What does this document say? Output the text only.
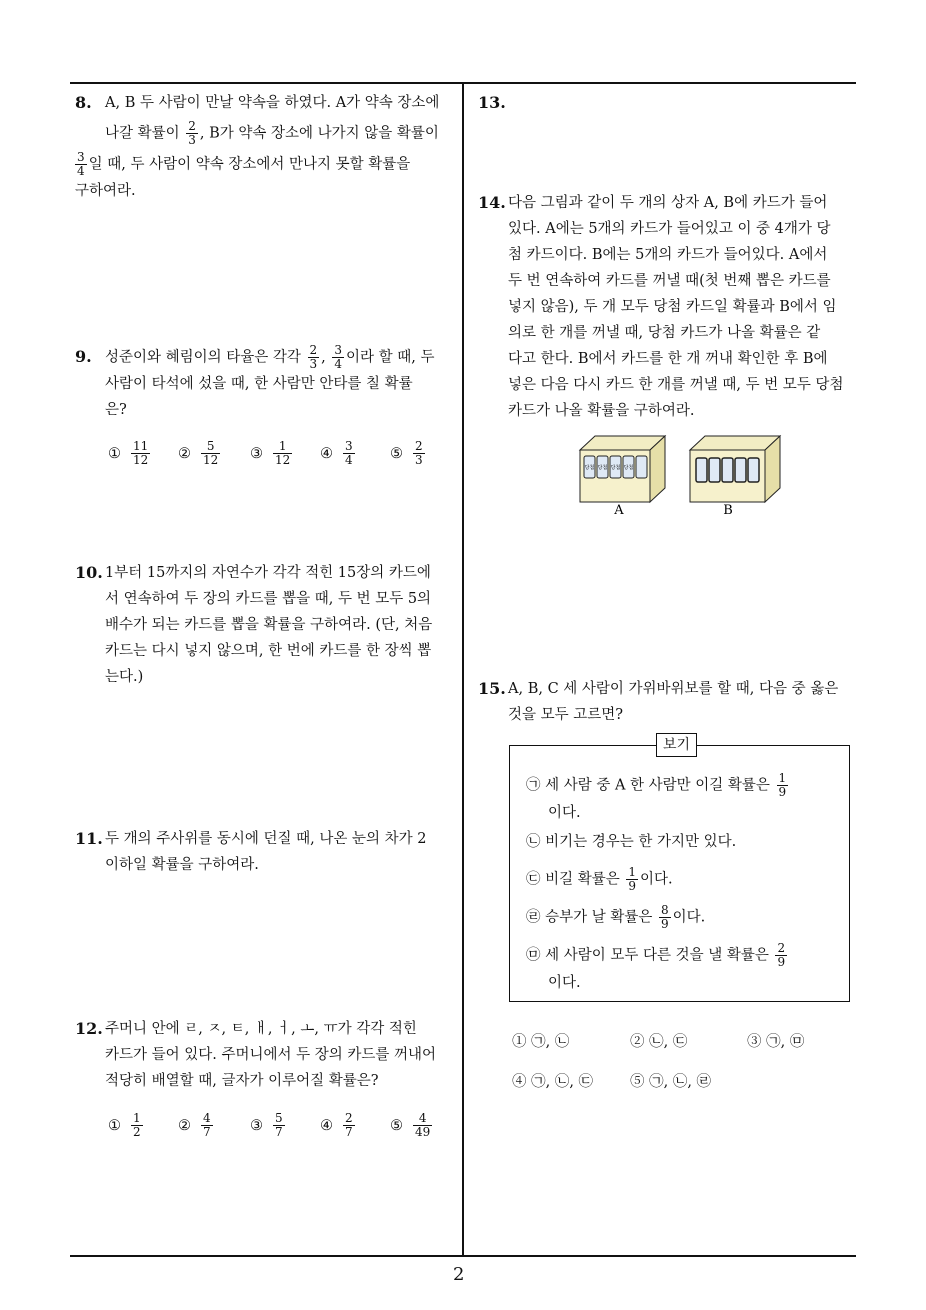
8. A, B 두 사람이 만날 약속을 하였다. A가 약속 장소에
나갈 확률이 $\frac{2}{3}$ , B가 약속 장소에 나가지 않을 확률이
$\frac{3}{4}$ 일 때, 두 사람이 약속 장소에서 만나지 못할 확률을
구하여라.
9. 성준이와 혜림이의 타율은 각각 $\frac{2}{3}$ , $\frac{3}{4}$ 이라 할 때, 두
사람이 타석에 섰을 때, 한 사람만 안타를 칠 확률
은?
① $\frac{11}{12}$ ② $\frac{5}{12}$ ③ $\frac{1}{12}$ ④ $\frac{3}{4}$ ⑤ $\frac{2}{3}$
10. 1부터 15까지의 자연수가 각각 적힌 15장의 카드에
서 연속하여 두 장의 카드를 뽑을 때, 두 번 모두 5의
배수가 되는 카드를 뽑을 확률을 구하여라. (단, 처음
카드는 다시 넣지 않으며, 한 번에 카드를 한 장씩 뽑
는다.)
11. 두 개의 주사위를 동시에 던질 때, 나온 눈의 차가 2
이하일 확률을 구하여라.
12. 주머니 안에 ㄹ, ㅈ, ㅌ, ㅐ, ㅓ, ㅗ, ㅠ가 각각 적힌
카드가 들어 있다. 주머니에서 두 장의 카드를 꺼내어
적당히 배열할 때, 글자가 이루어질 확률은?
① $\frac{1}{2}$ ② $\frac{4}{7}$	③ $\frac{5}{7}$ ④ $\frac{2}{7}$ ⑤ $\frac{4}{49}$
13.
14. 다음 그림과 같이 두 개의 상자 A, B에 카드가 들어
있다. A에는 5개의 카드가 들어있고 이 중 4개가 당
첨 카드이다. B에는 5개의 카드가 들어있다. A에서
두 번 연속하여 카드를 꺼낼 때(첫 번째 뽑은 카드를
넣지 않음), 두 개 모두 당첨 카드일 확률과 B에서 임
의로 한 개를 꺼낼 때, 당첨 카드가 나올 확률은 같
다고 한다. B에서 카드를 한 개 꺼내 확인한 후 B에
넣은 다음 다시 카드 한 개를 꺼낼 때, 두 번 모두 당첨
카드가 나올 확률을 구하여라.
당첨 당첨 당첨 당첨
A	B
15. A, B, C 세 사람이 가위바위보를 할 때, 다음 중 옳은
것을 모두 고르면?
보기
㉠ 세 사람 중 A 한 사람만 이길 확률은 $\frac{1}{9}$
이다.
㉡ 비기는 경우는 한 가지만 있다.
㉢ 비길 확률은 $\frac{1}{9}$ 이다.
㉣ 승부가 날 확률은 $\frac{8}{9}$ 이다.
㉤ 세 사람이 모두 다른 것을 낼 확률은 $\frac{2}{9}$
이다.
① ㉠, ㉡	② ㉡, ㉢	③ ㉠, ㉤
④ ㉠, ㉡, ㉢	⑤ ㉠, ㉡, ㉣
2
